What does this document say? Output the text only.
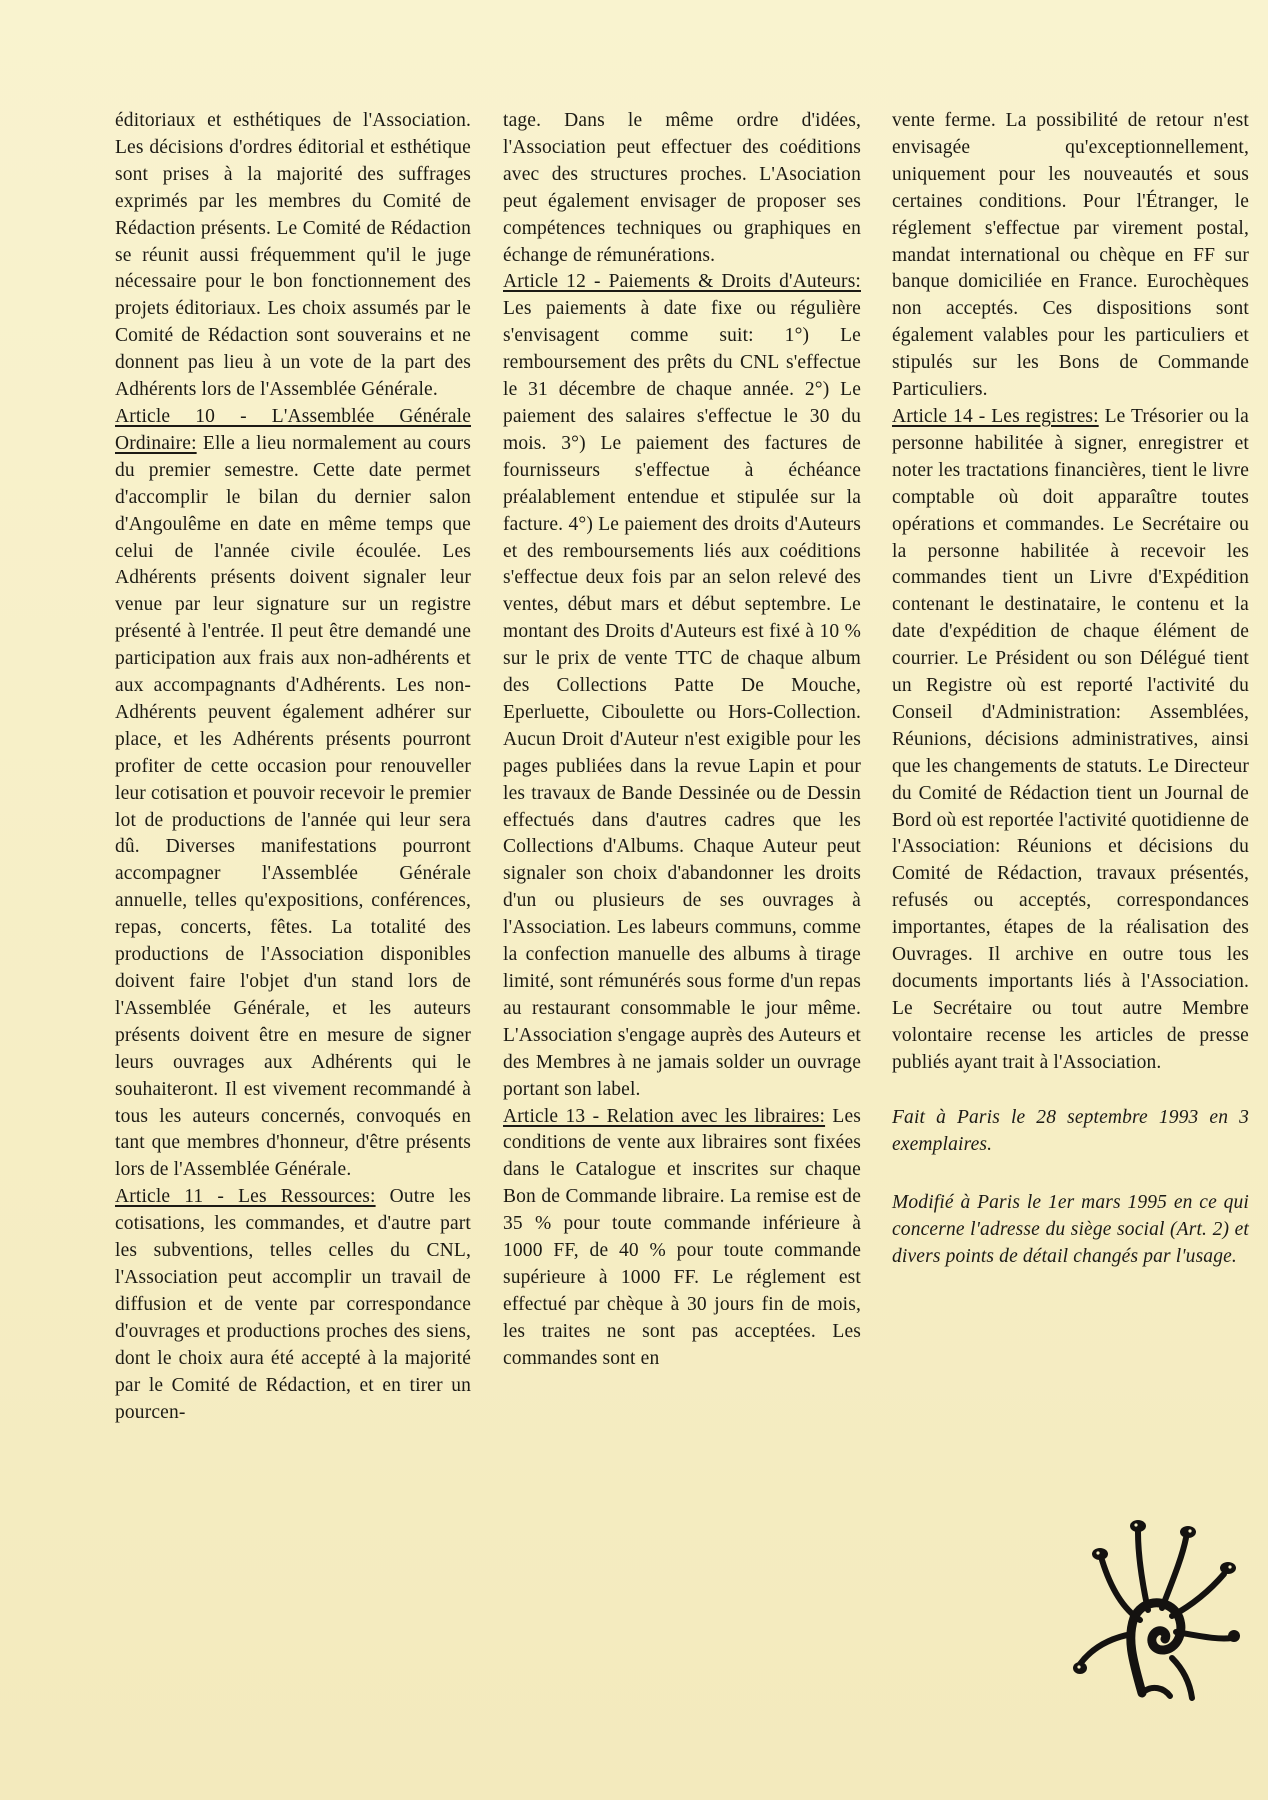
éditoriaux et esthétiques de l'Association. Les décisions d'ordres éditorial et esthétique sont prises à la majorité des suffrages exprimés par les membres du Comité de Rédaction présents. Le Comité de Rédaction se réunit aussi fréquemment qu'il le juge nécessaire pour le bon fonctionnement des projets éditoriaux. Les choix assumés par le Comité de Rédaction sont souverains et ne donnent pas lieu à un vote de la part des Adhérents lors de l'Assemblée Générale.

Article 10 - L'Assemblée Générale Ordinaire: Elle a lieu normalement au cours du premier semestre. Cette date permet d'accomplir le bilan du dernier salon d'Angoulême en date en même temps que celui de l'année civile écoulée. Les Adhérents présents doivent signaler leur venue par leur signature sur un registre présenté à l'entrée. Il peut être demandé une participation aux frais aux non-adhérents et aux accompagnants d'Adhérents. Les non-Adhérents peuvent également adhérer sur place, et les Adhérents présents pourront profiter de cette occasion pour renouveller leur cotisation et pouvoir recevoir le premier lot de productions de l'année qui leur sera dû. Diverses manifestations pourront accompagner l'Assemblée Générale annuelle, telles qu'expositions, conférences, repas, concerts, fêtes. La totalité des productions de l'Association disponibles doivent faire l'objet d'un stand lors de l'Assemblée Générale, et les auteurs présents doivent être en mesure de signer leurs ouvrages aux Adhérents qui le souhaiteront. Il est vivement recommandé à tous les auteurs concernés, convoqués en tant que membres d'honneur, d'être présents lors de l'Assemblée Générale.

Article 11 - Les Ressources: Outre les cotisations, les commandes, et d'autre part les subventions, telles celles du CNL, l'Association peut accomplir un travail de diffusion et de vente par correspondance d'ouvrages et productions proches des siens, dont le choix aura été accepté à la majorité par le Comité de Rédaction, et en tirer un pourcen-

tage. Dans le même ordre d'idées, l'Association peut effectuer des coéditions avec des structures proches. L'Asociation peut également envisager de proposer ses compétences techniques ou graphiques en échange de rémunérations.

Article 12 - Paiements & Droits d'Auteurs: Les paiements à date fixe ou régulière s'envisagent comme suit: 1°) Le remboursement des prêts du CNL s'effectue le 31 décembre de chaque année. 2°) Le paiement des salaires s'effectue le 30 du mois. 3°) Le paiement des factures de fournisseurs s'effectue à échéance préalablement entendue et stipulée sur la facture. 4°) Le paiement des droits d'Auteurs et des remboursements liés aux coéditions s'effectue deux fois par an selon relevé des ventes, début mars et début septembre. Le montant des Droits d'Auteurs est fixé à 10 % sur le prix de vente TTC de chaque album des Collections Patte De Mouche, Eperluette, Ciboulette ou Hors-Collection. Aucun Droit d'Auteur n'est exigible pour les pages publiées dans la revue Lapin et pour les travaux de Bande Dessinée ou de Dessin effectués dans d'autres cadres que les Collections d'Albums. Chaque Auteur peut signaler son choix d'abandonner les droits d'un ou plusieurs de ses ouvrages à l'Association. Les labeurs communs, comme la confection manuelle des albums à tirage limité, sont rémunérés sous forme d'un repas au restaurant consommable le jour même. L'Association s'engage auprès des Auteurs et des Membres à ne jamais solder un ouvrage portant son label.

Article 13 - Relation avec les libraires: Les conditions de vente aux libraires sont fixées dans le Catalogue et inscrites sur chaque Bon de Commande libraire. La remise est de 35 % pour toute commande inférieure à 1000 FF, de 40 % pour toute commande supérieure à 1000 FF. Le réglement est effectué par chèque à 30 jours fin de mois, les traites ne sont pas acceptées. Les commandes sont en

vente ferme. La possibilité de retour n'est envisagée qu'exceptionnellement, uniquement pour les nouveautés et sous certaines conditions. Pour l'Étranger, le réglement s'effectue par virement postal, mandat international ou chèque en FF sur banque domiciliée en France. Eurochèques non acceptés. Ces dispositions sont également valables pour les particuliers et stipulés sur les Bons de Commande Particuliers.

Article 14 - Les registres: Le Trésorier ou la personne habilitée à signer, enregistrer et noter les tractations financières, tient le livre comptable où doit apparaître toutes opérations et commandes. Le Secrétaire ou la personne habilitée à recevoir les commandes tient un Livre d'Expédition contenant le destinataire, le contenu et la date d'expédition de chaque élément de courrier. Le Président ou son Délégué tient un Registre où est reporté l'activité du Conseil d'Administration: Assemblées, Réunions, décisions administratives, ainsi que les changements de statuts. Le Directeur du Comité de Rédaction tient un Journal de Bord où est reportée l'activité quotidienne de l'Association: Réunions et décisions du Comité de Rédaction, travaux présentés, refusés ou acceptés, correspondances importantes, étapes de la réalisation des Ouvrages. Il archive en outre tous les documents importants liés à l'Association. Le Secrétaire ou tout autre Membre volontaire recense les articles de presse publiés ayant trait à l'Association.

Fait à Paris le 28 septembre 1993 en 3 exemplaires.

Modifié à Paris le 1er mars 1995 en ce qui concerne l'adresse du siège social (Art. 2) et divers points de détail changés par l'usage.
